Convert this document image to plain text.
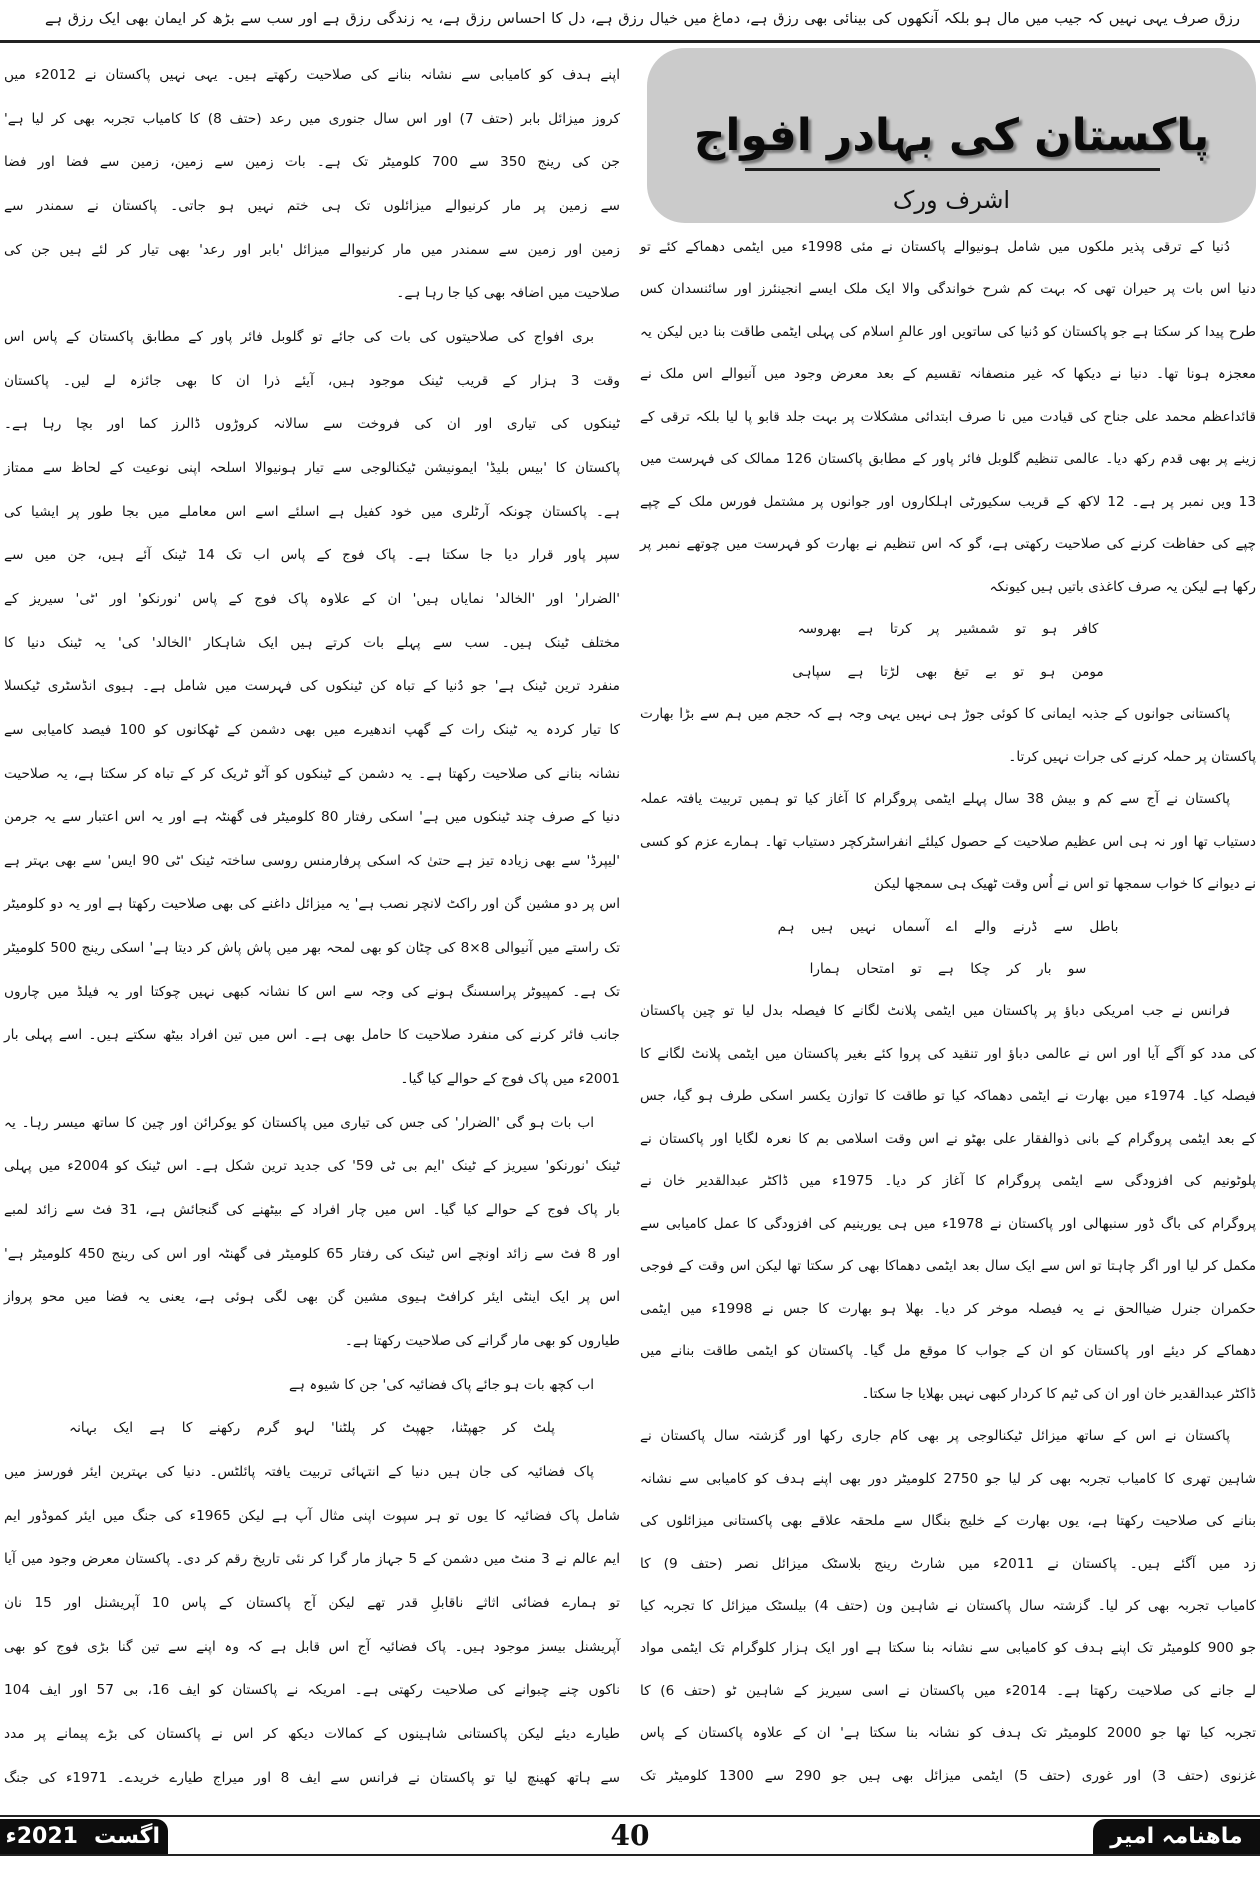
رزق صرف یہی نہیں کہ جیب میں مال ہو بلکہ آنکھوں کی بینائی بھی رزق ہے، دماغ میں خیال رزق ہے، دل کا احساس رزق ہے، یہ زندگی رزق ہے اور سب سے بڑھ کر ایمان بھی ایک رزق ہے
پاکستان کی بہادر افواج
اشرف ورک
دُنیا کے ترقی پذیر ملکوں میں شامل ہونیوالے پاکستان نے مئی 1998ء میں ایٹمی دھماکے کئے تو
دنیا اس بات پر حیران تھی کہ بہت کم شرح خواندگی والا ایک ملک ایسے انجینئرز اور سائنسدان کس
طرح پیدا کر سکتا ہے جو پاکستان کو دُنیا کی ساتویں اور عالمِ اسلام کی پہلی ایٹمی طاقت بنا دیں لیکن یہ
معجزہ ہونا تھا۔ دنیا نے دیکھا کہ غیر منصفانہ تقسیم کے بعد معرض وجود میں آنیوالے اس ملک نے
قائداعظم محمد علی جناح کی قیادت میں نا صرف ابتدائی مشکلات پر بہت جلد قابو پا لیا بلکہ ترقی کے
زینے پر بھی قدم رکھ دیا۔ عالمی تنظیم گلوبل فائر پاور کے مطابق پاکستان 126 ممالک کی فہرست میں
13 ویں نمبر پر ہے۔ 12 لاکھ کے قریب سکیورٹی اہلکاروں اور جوانوں پر مشتمل فورس ملک کے چپے
چپے کی حفاظت کرنے کی صلاحیت رکھتی ہے، گو کہ اس تنظیم نے بھارت کو فہرست میں چوتھے نمبر پر
رکھا ہے لیکن یہ صرف کاغذی باتیں ہیں کیونکہ
کافر ہو تو شمشیر پر کرتا ہے بھروسہ
مومن ہو تو بے تیغ بھی لڑتا ہے سپاہی
پاکستانی جوانوں کے جذبہ ایمانی کا کوئی جوڑ ہی نہیں یہی وجہ ہے کہ حجم میں ہم سے بڑا بھارت
پاکستان پر حملہ کرنے کی جرات نہیں کرتا۔
پاکستان نے آج سے کم و بیش 38 سال پہلے ایٹمی پروگرام کا آغاز کیا تو ہمیں تربیت یافتہ عملہ
دستیاب تھا اور نہ ہی اس عظیم صلاحیت کے حصول کیلئے انفراسٹرکچر دستیاب تھا۔ ہمارے عزم کو کسی
نے دیوانے کا خواب سمجھا تو اس نے اُس وقت ٹھیک ہی سمجھا لیکن
باطل سے ڈرنے والے اے آسماں نہیں ہیں ہم
سو بار کر چکا ہے تو امتحاں ہمارا
فرانس نے جب امریکی دباؤ پر پاکستان میں ایٹمی پلانٹ لگانے کا فیصلہ بدل لیا تو چین پاکستان
کی مدد کو آگے آیا اور اس نے عالمی دباؤ اور تنقید کی پروا کئے بغیر پاکستان میں ایٹمی پلانٹ لگانے کا
فیصلہ کیا۔ 1974ء میں بھارت نے ایٹمی دھماکہ کیا تو طاقت کا توازن یکسر اسکی طرف ہو گیا، جس
کے بعد ایٹمی پروگرام کے بانی ذوالفقار علی بھٹو نے اس وقت اسلامی بم کا نعرہ لگایا اور پاکستان نے
پلوٹونیم کی افزودگی سے ایٹمی پروگرام کا آغاز کر دیا۔ 1975ء میں ڈاکٹر عبدالقدیر خان نے
پروگرام کی باگ ڈور سنبھالی اور پاکستان نے 1978ء میں ہی یورینیم کی افزودگی کا عمل کامیابی سے
مکمل کر لیا اور اگر چاہتا تو اس سے ایک سال بعد ایٹمی دھماکا بھی کر سکتا تھا لیکن اس وقت کے فوجی
حکمران جنرل ضیاالحق نے یہ فیصلہ موخر کر دیا۔ بھلا ہو بھارت کا جس نے 1998ء میں ایٹمی
دھماکے کر دیئے اور پاکستان کو ان کے جواب کا موقع مل گیا۔ پاکستان کو ایٹمی طاقت بنانے میں
ڈاکٹر عبدالقدیر خان اور ان کی ٹیم کا کردار کبھی نہیں بھلایا جا سکتا۔
پاکستان نے اس کے ساتھ میزائل ٹیکنالوجی پر بھی کام جاری رکھا اور گزشتہ سال پاکستان نے
شاہین تھری کا کامیاب تجربہ بھی کر لیا جو 2750 کلومیٹر دور بھی اپنے ہدف کو کامیابی سے نشانہ
بنانے کی صلاحیت رکھتا ہے، یوں بھارت کے خلیج بنگال سے ملحقہ علاقے بھی پاکستانی میزائلوں کی
زد میں آگئے ہیں۔ پاکستان نے 2011ء میں شارٹ رینج بلاسٹک میزائل نصر (حتف 9) کا
کامیاب تجربہ بھی کر لیا۔ گزشتہ سال پاکستان نے شاہین ون (حتف 4) بیلسٹک میزائل کا تجربہ کیا
جو 900 کلومیٹر تک اپنے ہدف کو کامیابی سے نشانہ بنا سکتا ہے اور ایک ہزار کلوگرام تک ایٹمی مواد
لے جانے کی صلاحیت رکھتا ہے۔ 2014ء میں پاکستان نے اسی سیریز کے شاہین ٹو (حتف 6) کا
تجربہ کیا تھا جو 2000 کلومیٹر تک ہدف کو نشانہ بنا سکتا ہے' ان کے علاوہ پاکستان کے پاس
غزنوی (حتف 3) اور غوری (حتف 5) ایٹمی میزائل بھی ہیں جو 290 سے 1300 کلومیٹر تک
اپنے ہدف کو کامیابی سے نشانہ بنانے کی صلاحیت رکھتے ہیں۔ یہی نہیں پاکستان نے 2012ء میں
کروز میزائل بابر (حتف 7) اور اس سال جنوری میں رعد (حتف 8) کا کامیاب تجربہ بھی کر لیا ہے'
جن کی رینج 350 سے 700 کلومیٹر تک ہے۔ بات زمین سے زمین، زمین سے فضا اور فضا
سے زمین پر مار کرنیوالے میزائلوں تک ہی ختم نہیں ہو جاتی۔ پاکستان نے سمندر سے
زمین اور زمین سے سمندر میں مار کرنیوالے میزائل 'بابر اور رعد' بھی تیار کر لئے ہیں جن کی
صلاحیت میں اضافہ بھی کیا جا رہا ہے۔
بری افواج کی صلاحیتوں کی بات کی جائے تو گلوبل فائر پاور کے مطابق پاکستان کے پاس اس
وقت 3 ہزار کے قریب ٹینک موجود ہیں، آیئے ذرا ان کا بھی جائزہ لے لیں۔ پاکستان
ٹینکوں کی تیاری اور ان کی فروخت سے سالانہ کروڑوں ڈالرز کما اور بچا رہا ہے۔
پاکستان کا 'بیس بلیڈ' ایمونیشن ٹیکنالوجی سے تیار ہونیوالا اسلحہ اپنی نوعیت کے لحاظ سے ممتاز
ہے۔ پاکستان چونکہ آرٹلری میں خود کفیل ہے اسلئے اسے اس معاملے میں بجا طور پر ایشیا کی
سپر پاور قرار دیا جا سکتا ہے۔ پاک فوج کے پاس اب تک 14 ٹینک آئے ہیں، جن میں سے
'الضرار' اور 'الخالد' نمایاں ہیں' ان کے علاوہ پاک فوج کے پاس 'نورنکو' اور 'ٹی' سیریز کے
مختلف ٹینک ہیں۔ سب سے پہلے بات کرتے ہیں ایک شاہکار 'الخالد' کی' یہ ٹینک دنیا کا
منفرد ترین ٹینک ہے' جو دُنیا کے تباہ کن ٹینکوں کی فہرست میں شامل ہے۔ ہیوی انڈسٹری ٹیکسلا
کا تیار کردہ یہ ٹینک رات کے گھپ اندھیرے میں بھی دشمن کے ٹھکانوں کو 100 فیصد کامیابی سے
نشانہ بنانے کی صلاحیت رکھتا ہے۔ یہ دشمن کے ٹینکوں کو آٹو ٹریک کر کے تباہ کر سکتا ہے، یہ صلاحیت
دنیا کے صرف چند ٹینکوں میں ہے' اسکی رفتار 80 کلومیٹر فی گھنٹہ ہے اور یہ اس اعتبار سے یہ جرمن
'لیپرڈ' سے بھی زیادہ تیز ہے حتیٰ کہ اسکی پرفارمنس روسی ساختہ ٹینک 'ٹی 90 ایس' سے بھی بہتر ہے
اس پر دو مشین گن اور راکٹ لانچر نصب ہے' یہ میزائل داغنے کی بھی صلاحیت رکھتا ہے اور یہ دو کلومیٹر
تک راستے میں آنیوالی 8×8 کی چٹان کو بھی لمحہ بھر میں پاش پاش کر دیتا ہے' اسکی رینج 500 کلومیٹر
تک ہے۔ کمپیوٹر پراسسنگ ہونے کی وجہ سے اس کا نشانہ کبھی نہیں چوکتا اور یہ فیلڈ میں چاروں
جانب فائر کرنے کی منفرد صلاحیت کا حامل بھی ہے۔ اس میں تین افراد بیٹھ سکتے ہیں۔ اسے پہلی بار
2001ء میں پاک فوج کے حوالے کیا گیا۔
اب بات ہو گی 'الضرار' کی جس کی تیاری میں پاکستان کو یوکرائن اور چین کا ساتھ میسر رہا۔ یہ
ٹینک 'نورنکو' سیریز کے ٹینک 'ایم بی ٹی 59' کی جدید ترین شکل ہے۔ اس ٹینک کو 2004ء میں پہلی
بار پاک فوج کے حوالے کیا گیا۔ اس میں چار افراد کے بیٹھنے کی گنجائش ہے، 31 فٹ سے زائد لمبے
اور 8 فٹ سے زائد اونچے اس ٹینک کی رفتار 65 کلومیٹر فی گھنٹہ اور اس کی رینج 450 کلومیٹر ہے'
اس پر ایک اینٹی ایئر کرافٹ ہیوی مشین گن بھی لگی ہوئی ہے، یعنی یہ فضا میں محو پرواز
طیاروں کو بھی مار گرانے کی صلاحیت رکھتا ہے۔
اب کچھ بات ہو جائے پاک فضائیہ کی' جن کا شیوہ ہے
پلٹ کر جھپٹنا، جھپٹ کر پلٹنا' لہو گرم رکھنے کا ہے ایک بہانہ
پاک فضائیہ کی جان ہیں دنیا کے انتہائی تربیت یافتہ پائلٹس۔ دنیا کی بہترین ایئر فورسز میں
شامل پاک فضائیہ کا یوں تو ہر سپوت اپنی مثال آپ ہے لیکن 1965ء کی جنگ میں ایئر کموڈور ایم
ایم عالم نے 3 منٹ میں دشمن کے 5 جہاز مار گرا کر نئی تاریخ رقم کر دی۔ پاکستان معرض وجود میں آیا
تو ہمارے فضائی اثاثے ناقابلِ قدر تھے لیکن آج پاکستان کے پاس 10 آپریشنل اور 15 نان
آپریشنل بیسز موجود ہیں۔ پاک فضائیہ آج اس قابل ہے کہ وہ اپنے سے تین گنا بڑی فوج کو بھی
ناکوں چنے چبوانے کی صلاحیت رکھتی ہے۔ امریکہ نے پاکستان کو ایف 16، بی 57 اور ایف 104
طیارے دیئے لیکن پاکستانی شاہینوں کے کمالات دیکھ کر اس نے پاکستان کی بڑے پیمانے پر مدد
سے ہاتھ کھینچ لیا تو پاکستان نے فرانس سے ایف 8 اور میراج طیارے خریدے۔ 1971ء کی جنگ
اگست2021ء	40	ماھنامہ امیر ملت
